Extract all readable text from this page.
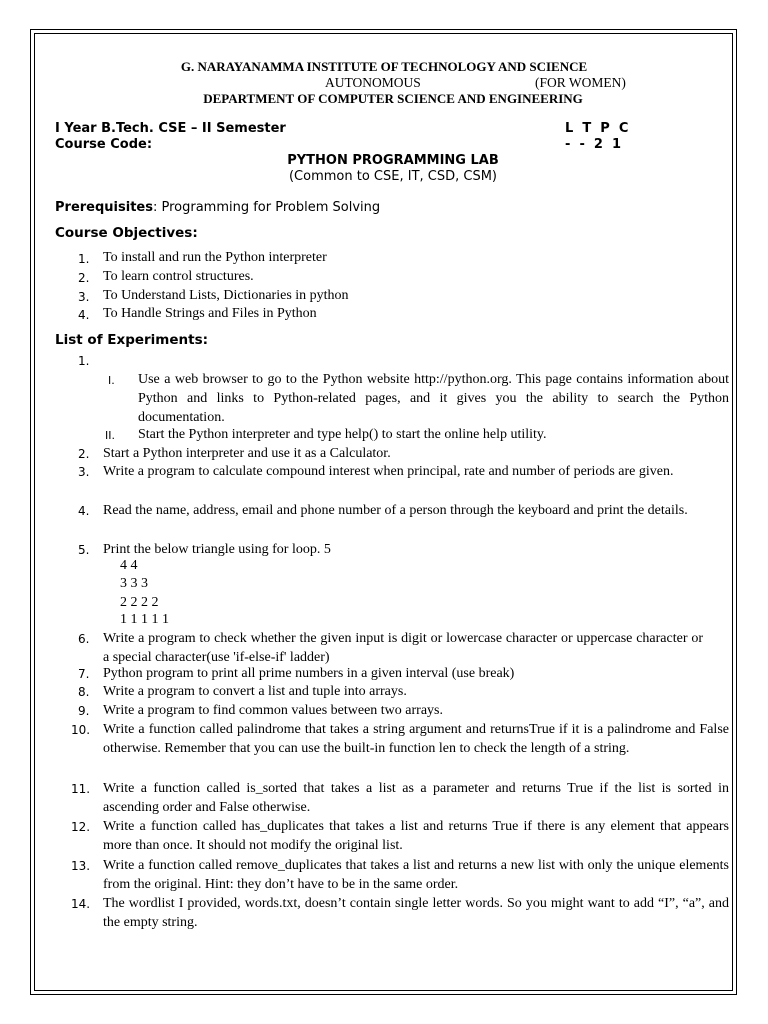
G. NARAYANAMMA INSTITUTE OF TECHNOLOGY AND SCIENCE
AUTONOMOUS	(FOR WOMEN)
DEPARTMENT OF COMPUTER SCIENCE AND ENGINEERING
I Year B.Tech. CSE – II Semester
Course Code:
L  T  P  C
-  -  2  1
PYTHON PROGRAMMING LAB
(Common to CSE, IT, CSD, CSM)
Prerequisites: Programming for Problem Solving
Course Objectives:
1. To install and run the Python interpreter
2. To learn control structures.
3. To Understand Lists, Dictionaries in python
4. To Handle Strings and Files in Python
List of Experiments:
1.
I. Use a web browser to go to the Python website http://python.org. This page contains information about Python and links to Python-related pages, and it gives you the ability to search the Python documentation.
II. Start the Python interpreter and type help() to start the online help utility.
2. Start a Python interpreter and use it as a Calculator.
3. Write a program to calculate compound interest when principal, rate and number of periods are given.
4. Read the name, address, email and phone number of a person through the keyboard and print the details.
5. Print the below triangle using for loop. 5
4 4
3 3 3
2 2 2 2
1 1 1 1 1
6. Write a program to check whether the given input is digit or lowercase character or uppercase character or a special character(use 'if-else-if' ladder)
7. Python program to print all prime numbers in a given interval (use break)
8. Write a program to convert a list and tuple into arrays.
9. Write a program to find common values between two arrays.
10. Write a function called palindrome that takes a string argument and returnsTrue if it is a palindrome and False otherwise. Remember that you can use the built-in function len to check the length of a string.
11. Write a function called is_sorted that takes a list as a parameter and returns True if the list is sorted in ascending order and False otherwise.
12. Write a function called has_duplicates that takes a list and returns True if there is any element that appears more than once. It should not modify the original list.
13. Write a function called remove_duplicates that takes a list and returns a new list with only the unique elements from the original. Hint: they don’t have to be in the same order.
14. The wordlist I provided, words.txt, doesn’t contain single letter words. So you might want to add “I”, “a”, and the empty string.
